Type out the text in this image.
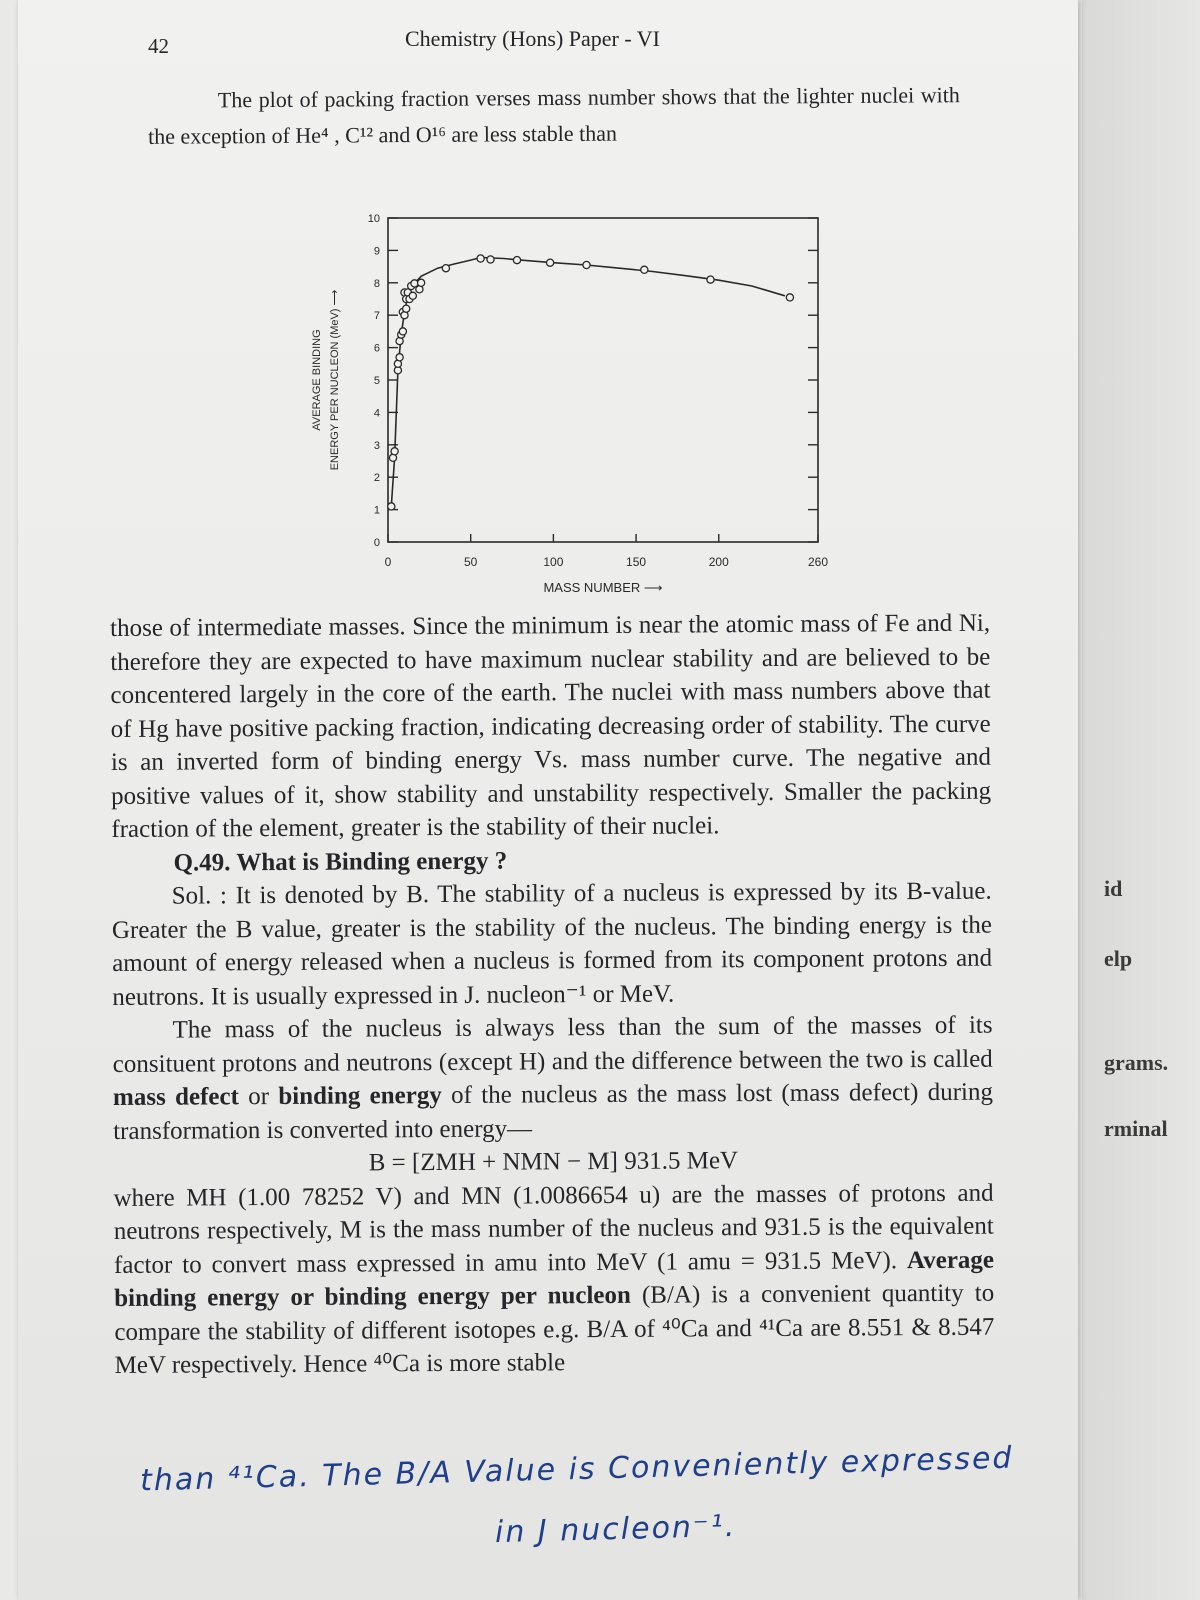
id
elp
grams.
rminal
42	Chemistry (Hons) Paper - VI
The plot of packing fraction verses mass number shows that the lighter nuclei with the exception of He⁴ , C¹² and O¹⁶ are less stable than
0
1
2
3
4
5
6
7
8
9
10
0	50	100	150	200	260
MASS NUMBER ⟶
AVERAGE BINDING ENERGY PER NUCLEON (MeV) ⟶

those of intermediate masses. Since the minimum is near the atomic mass of Fe and Ni, therefore they are expected to have maximum nuclear stability and are believed to be concentered largely in the core of the earth. The nuclei with mass numbers above that of Hg have positive packing fraction, indicating decreasing order of stability. The curve is an inverted form of binding energy Vs. mass number curve. The negative and positive values of it, show stability and unstability respectively. Smaller the packing fraction of the element, greater is the stability of their nuclei.

Q.49. What is Binding energy ?

Sol. : It is denoted by B. The stability of a nucleus is expressed by its B-value. Greater the B value, greater is the stability of the nucleus. The binding energy is the amount of energy released when a nucleus is formed from its component protons and neutrons. It is usually expressed in J. nucleon⁻¹ or MeV.

The mass of the nucleus is always less than the sum of the masses of its consituent protons and neutrons (except H) and the difference between the two is called mass defect or binding energy of the nucleus as the mass lost (mass defect) during transformation is converted into energy—

B = [ZMH + NMN − M] 931.5 MeV

where MH (1.00 78252 V) and MN (1.0086654 u) are the masses of protons and neutrons respectively, M is the mass number of the nucleus and 931.5 is the equivalent factor to convert mass expressed in amu into MeV (1 amu = 931.5 MeV). Average binding energy or binding energy per nucleon (B/A) is a convenient quantity to compare the stability of different isotopes e.g. B/A of ⁴⁰Ca and ⁴¹Ca are 8.551 & 8.547 MeV respectively. Hence ⁴⁰Ca is more stable

than ⁴¹Ca. The B/A Value is Conveniently expressed
in J nucleon⁻¹.
